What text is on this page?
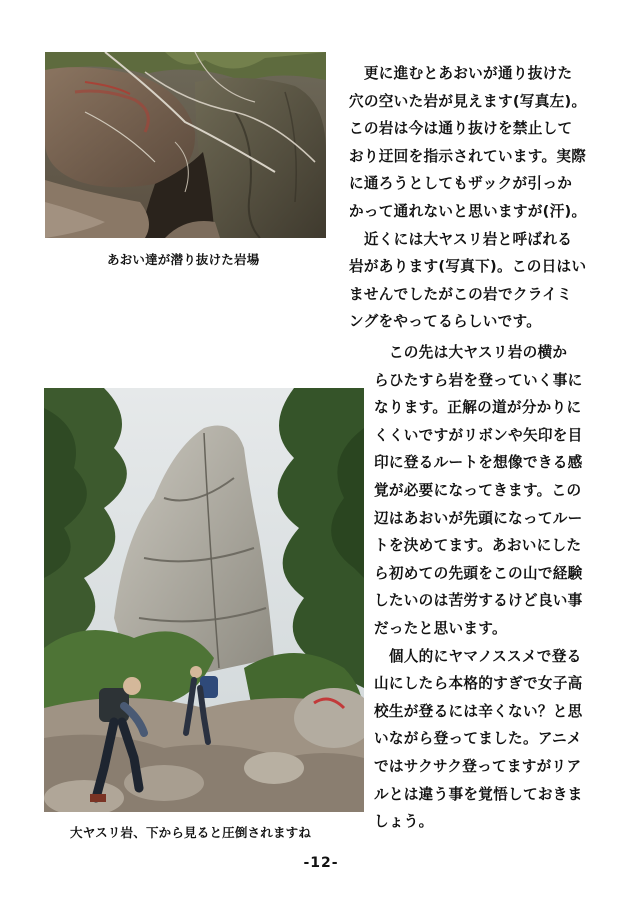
あおい達が潜り抜けた岩場
　更に進むとあおいが通り抜けた
穴の空いた岩が見えます(写真左)。
この岩は今は通り抜けを禁止して
おり迂回を指示されています。実際
に通ろうとしてもザックが引っか
かって通れないと思いますが(汗)。
　近くには大ヤスリ岩と呼ばれる
岩があります(写真下)。この日はい
ませんでしたがこの岩でクライミ
ングをやってるらしいです。
大ヤスリ岩、下から見ると圧倒されますね
　この先は大ヤスリ岩の横か
らひたすら岩を登っていく事に
なります。正解の道が分かりに
くくいですがリボンや矢印を目
印に登るルートを想像できる感
覚が必要になってきます。この
辺はあおいが先頭になってルー
トを決めてます。あおいにした
ら初めての先頭をこの山で経験
したいのは苦労するけど良い事
だったと思います。
　個人的にヤマノススメで登る
山にしたら本格的すぎで女子高
校生が登るには辛くない？と思
いながら登ってました。アニメ
ではサクサク登ってますがリア
ルとは違う事を覚悟しておきま
しょう。
-12-
